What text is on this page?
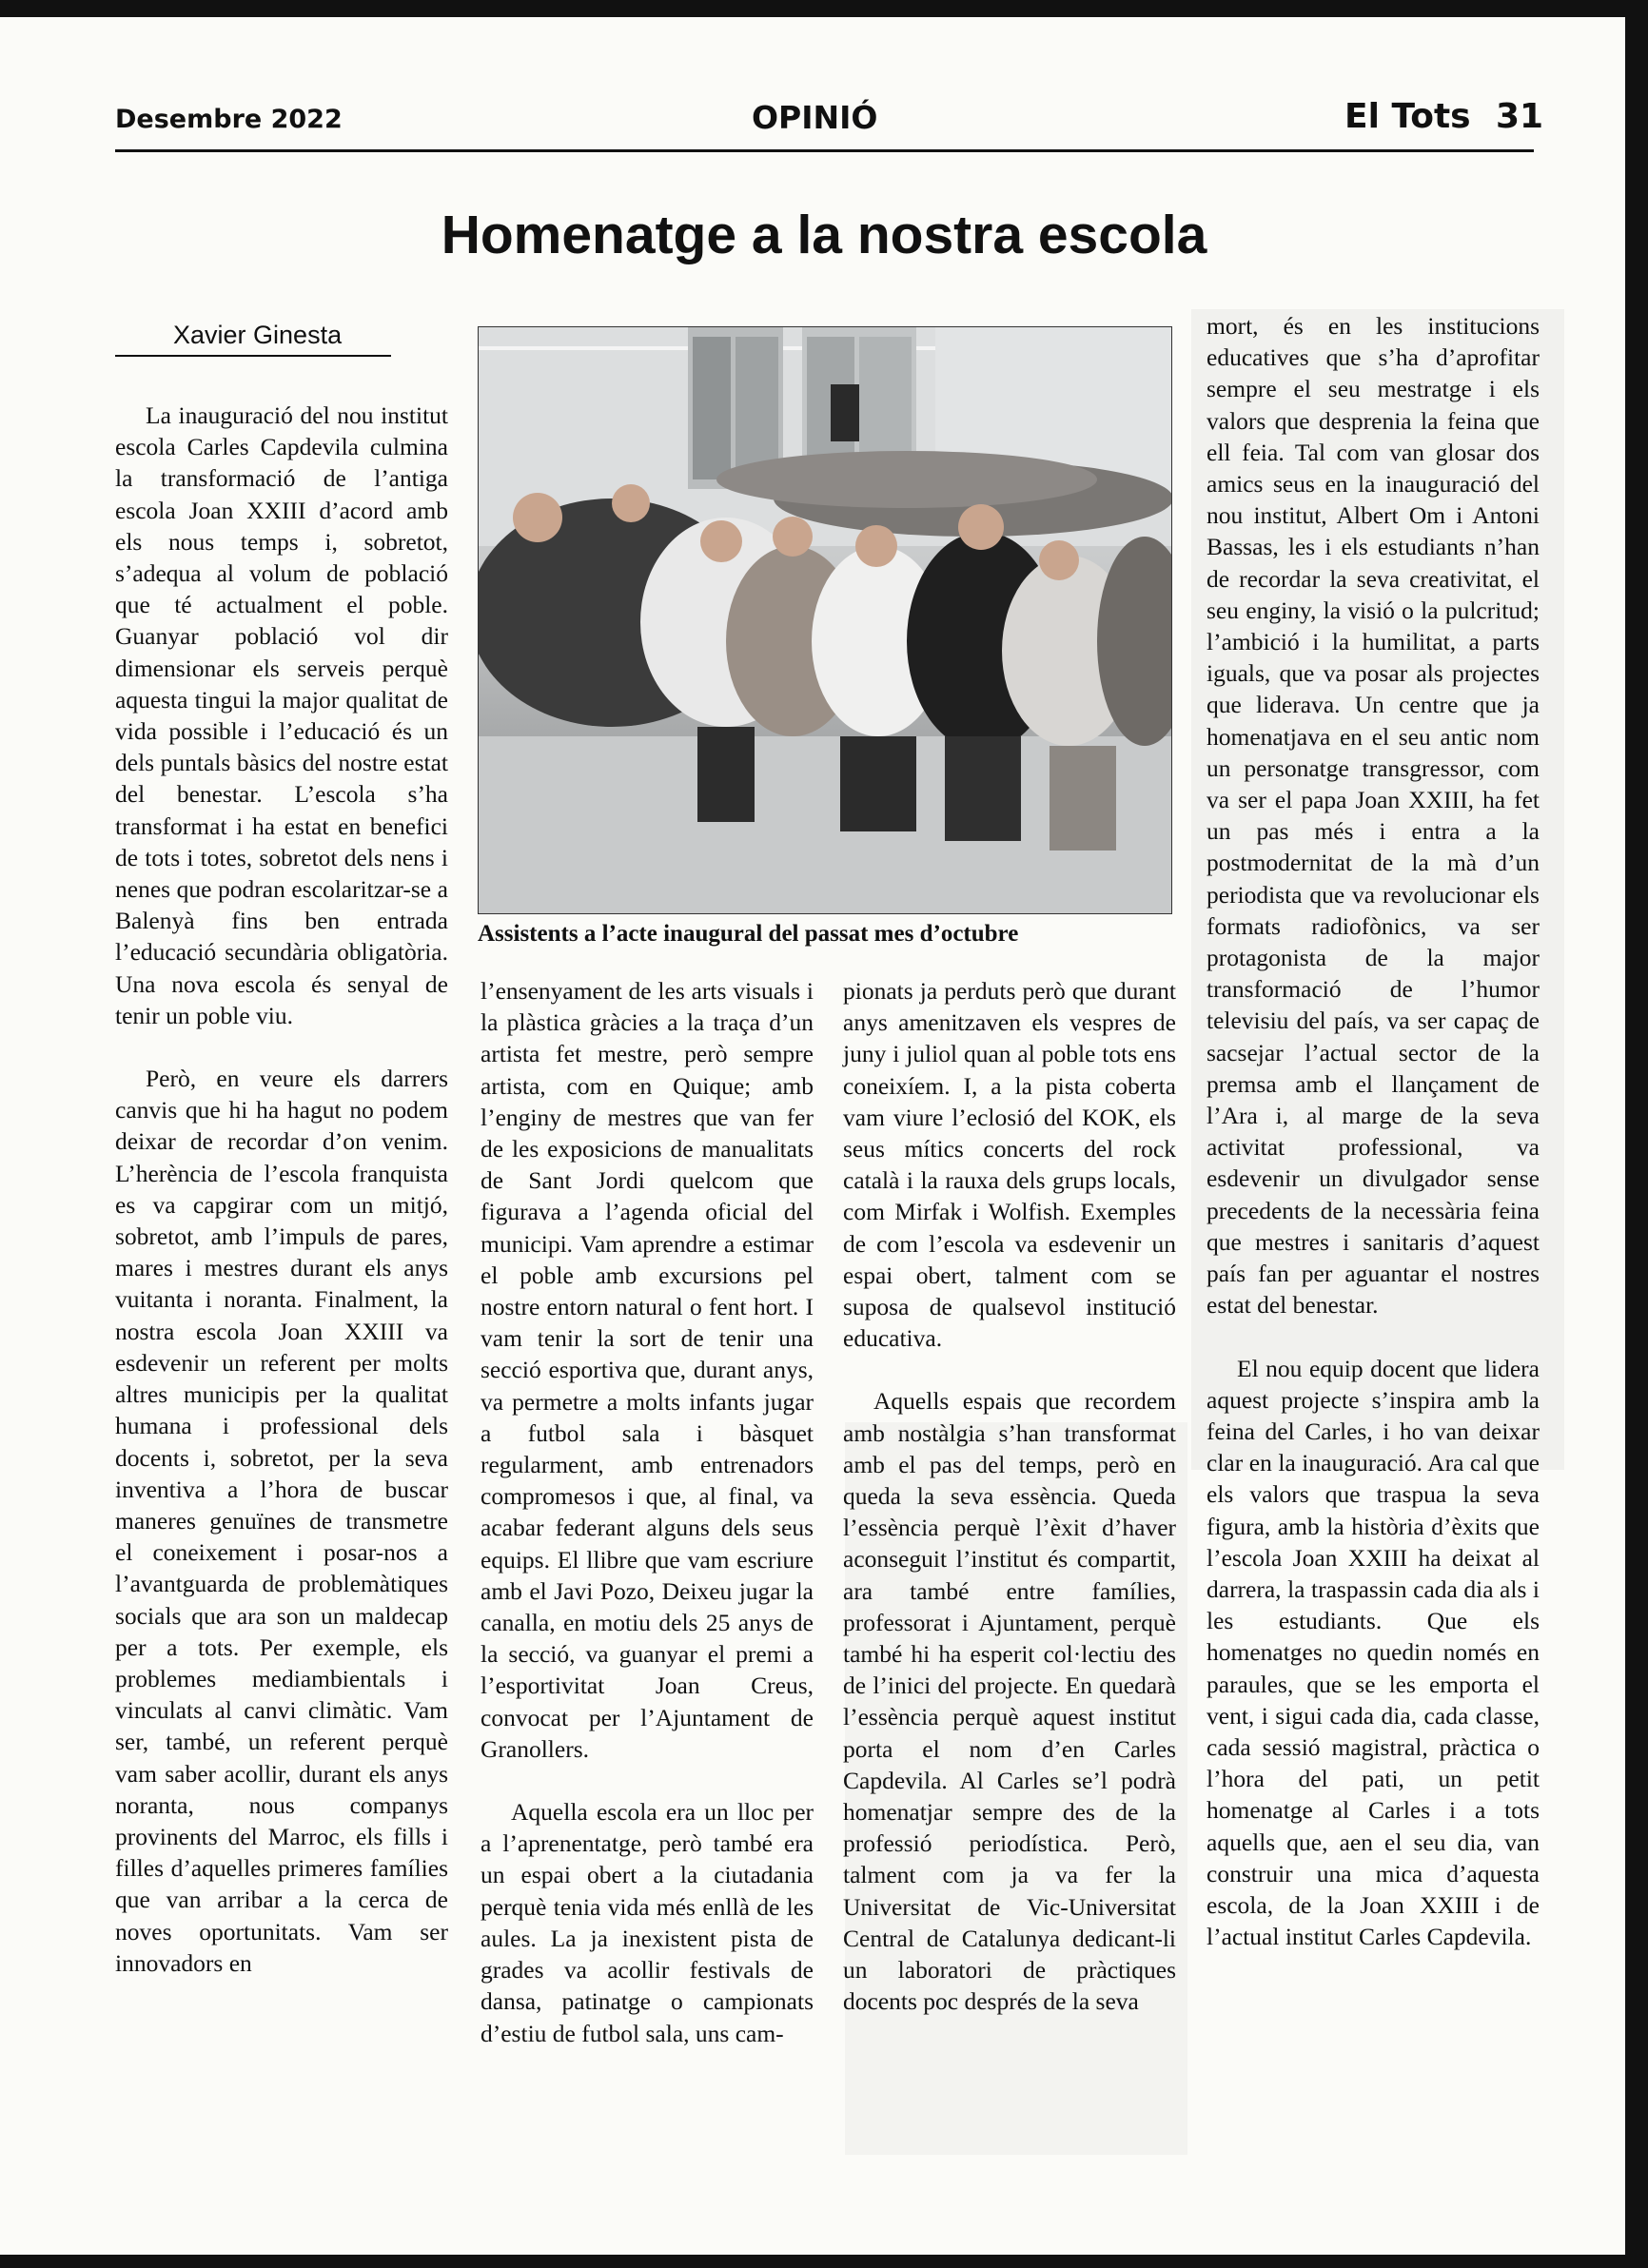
Desembre 2022	OPINIÓ	El Tots 31
Homenatge a la nostra escola
Xavier Ginesta
Assistents a l’acte inaugural del passat mes d’octubre

La inauguració del nou institut escola Carles Capdevila culmina la transformació de l’antiga escola Joan XXIII d’acord amb els nous temps i, sobretot, s’adequa al volum de població que té actualment el poble. Guanyar població vol dir dimensionar els serveis perquè aquesta tingui la major qualitat de vida possible i l’educació és un dels puntals bàsics del nostre estat del benestar. L’escola s’ha transformat i ha estat en benefici de tots i totes, sobretot dels nens i nenes que podran escolaritzar-se a Balenyà fins ben entrada l’educació secundària obligatòria. Una nova escola és senyal de tenir un poble viu.

Però, en veure els darrers canvis que hi ha hagut no podem deixar de recordar d’on venim. L’herència de l’escola franquista es va capgirar com un mitjó, sobretot, amb l’impuls de pares, mares i mestres durant els anys vuitanta i noranta. Finalment, la nostra escola Joan XXIII va esdevenir un referent per molts altres municipis per la qualitat humana i professional dels docents i, sobretot, per la seva inventiva a l’hora de buscar maneres genuïnes de transmetre el coneixement i posar-nos a l’avantguarda de problemàtiques socials que ara son un maldecap per a tots. Per exemple, els problemes mediambientals i vinculats al canvi climàtic. Vam ser, també, un referent perquè vam saber acollir, durant els anys noranta, nous companys provinents del Marroc, els fills i filles d’aquelles primeres famílies que van arribar a la cerca de noves oportunitats. Vam ser innovadors en

l’ensenyament de les arts visuals i la plàstica gràcies a la traça d’un artista fet mestre, però sempre artista, com en Quique; amb l’enginy de mestres que van fer de les exposicions de manualitats de Sant Jordi quelcom que figurava a l’agenda oficial del municipi. Vam aprendre a estimar el poble amb excursions pel nostre entorn natural o fent hort. I vam tenir la sort de tenir una secció esportiva que, durant anys, va permetre a molts infants jugar a futbol sala i bàsquet regularment, amb entrenadors compromesos i que, al final, va acabar federant alguns dels seus equips. El llibre que vam escriure amb el Javi Pozo, Deixeu jugar la canalla, en motiu dels 25 anys de la secció, va guanyar el premi a l’esportivitat Joan Creus, convocat per l’Ajuntament de Granollers.

Aquella escola era un lloc per a l’aprenentatge, però també era un espai obert a la ciutadania perquè tenia vida més enllà de les aules. La ja inexistent pista de grades va acollir festivals de dansa, patinatge o campionats d’estiu de futbol sala, uns cam-

pionats ja perduts però que durant anys amenitzaven els vespres de juny i juliol quan al poble tots ens coneixíem. I, a la pista coberta vam viure l’eclosió del KOK, els seus mítics concerts del rock català i la rauxa dels grups locals, com Mirfak i Wolfish. Exemples de com l’escola va esdevenir un espai obert, talment com se suposa de qualsevol institució educativa.

Aquells espais que recordem amb nostàlgia s’han transformat amb el pas del temps, però en queda la seva essència. Queda l’essència perquè l’èxit d’haver aconseguit l’institut és compartit, ara també entre famílies, professorat i Ajuntament, perquè també hi ha esperit col·lectiu des de l’inici del projecte. En quedarà l’essència perquè aquest institut porta el nom d’en Carles Capdevila. Al Carles se’l podrà homenatjar sempre des de la professió periodística. Però, talment com ja va fer la Universitat de Vic-Universitat Central de Catalunya dedicant-li un laboratori de pràctiques docents poc després de la seva

mort, és en les institucions educatives que s’ha d’aprofitar sempre el seu mestratge i els valors que desprenia la feina que ell feia. Tal com van glosar dos amics seus en la inauguració del nou institut, Albert Om i Antoni Bassas, les i els estudiants n’han de recordar la seva creativitat, el seu enginy, la visió o la pulcritud; l’ambició i la humilitat, a parts iguals, que va posar als projectes que liderava. Un centre que ja homenatjava en el seu antic nom un personatge transgressor, com va ser el papa Joan XXIII, ha fet un pas més i entra a la postmodernitat de la mà d’un periodista que va revolucionar els formats radiofònics, va ser protagonista de la major transformació de l’humor televisiu del país, va ser capaç de sacsejar l’actual sector de la premsa amb el llançament de l’Ara i, al marge de la seva activitat professional, va esdevenir un divulgador sense precedents de la necessària feina que mestres i sanitaris d’aquest país fan per aguantar el nostres estat del benestar.

El nou equip docent que lidera aquest projecte s’inspira amb la feina del Carles, i ho van deixar clar en la inauguració. Ara cal que els valors que traspua la seva figura, amb la història d’èxits que l’escola Joan XXIII ha deixat al darrera, la traspassin cada dia als i les estudiants. Que els homenatges no quedin només en paraules, que se les emporta el vent, i sigui cada dia, cada classe, cada sessió magistral, pràctica o l’hora del pati, un petit homenatge al Carles i a tots aquells que, aen el seu dia, van construir una mica d’aquesta escola, de la Joan XXIII i de l’actual institut Carles Capdevila.
